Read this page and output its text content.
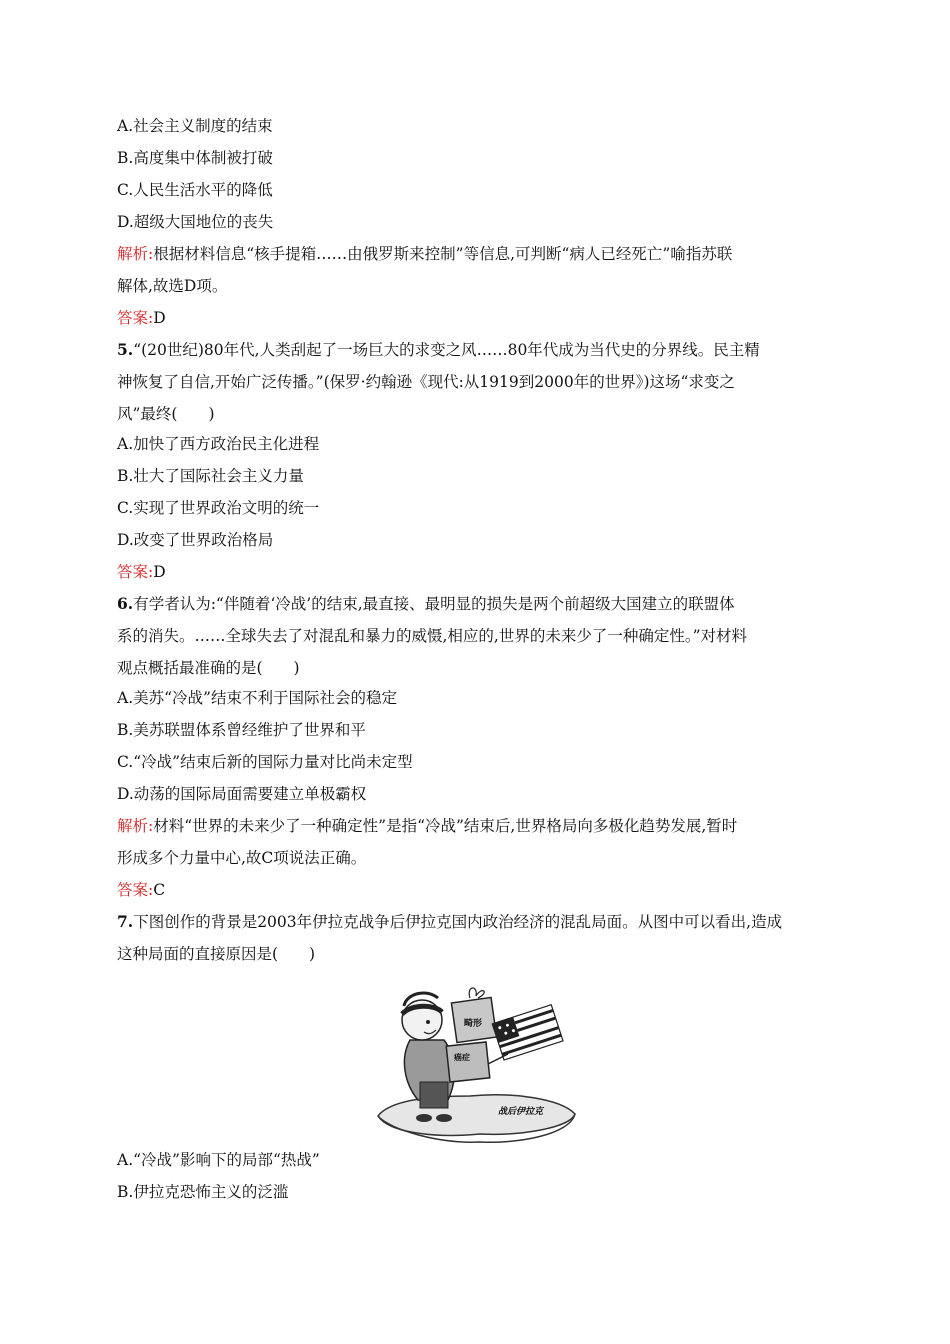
A.社会主义制度的结束
B.高度集中体制被打破
C.人民生活水平的降低
D.超级大国地位的丧失
解析:根据材料信息“核手提箱……由俄罗斯来控制”等信息,可判断“病人已经死亡”喻指苏联
解体,故选D项。
答案:D
5.“(20世纪)80年代,人类刮起了一场巨大的求变之风……80年代成为当代史的分界线。民主精
神恢复了自信,开始广泛传播。”(保罗·约翰逊《现代:从1919到2000年的世界》)这场“求变之
风”最终(　　)
A.加快了西方政治民主化进程
B.壮大了国际社会主义力量
C.实现了世界政治文明的统一
D.改变了世界政治格局
答案:D
6.有学者认为:“伴随着‘冷战’的结束,最直接、最明显的损失是两个前超级大国建立的联盟体
系的消失。……全球失去了对混乱和暴力的威慑,相应的,世界的未来少了一种确定性。”对材料
观点概括最准确的是(　　)
A.美苏“冷战”结束不利于国际社会的稳定
B.美苏联盟体系曾经维护了世界和平
C.“冷战”结束后新的国际力量对比尚未定型
D.动荡的国际局面需要建立单极霸权
解析:材料“世界的未来少了一种确定性”是指“冷战”结束后,世界格局向多极化趋势发展,暂时
形成多个力量中心,故C项说法正确。
答案:C
7.下图创作的背景是2003年伊拉克战争后伊拉克国内政治经济的混乱局面。从图中可以看出,造成
这种局面的直接原因是(　　)
战后伊拉克
癌症
畸形
A.“冷战”影响下的局部“热战”
B.伊拉克恐怖主义的泛滥
